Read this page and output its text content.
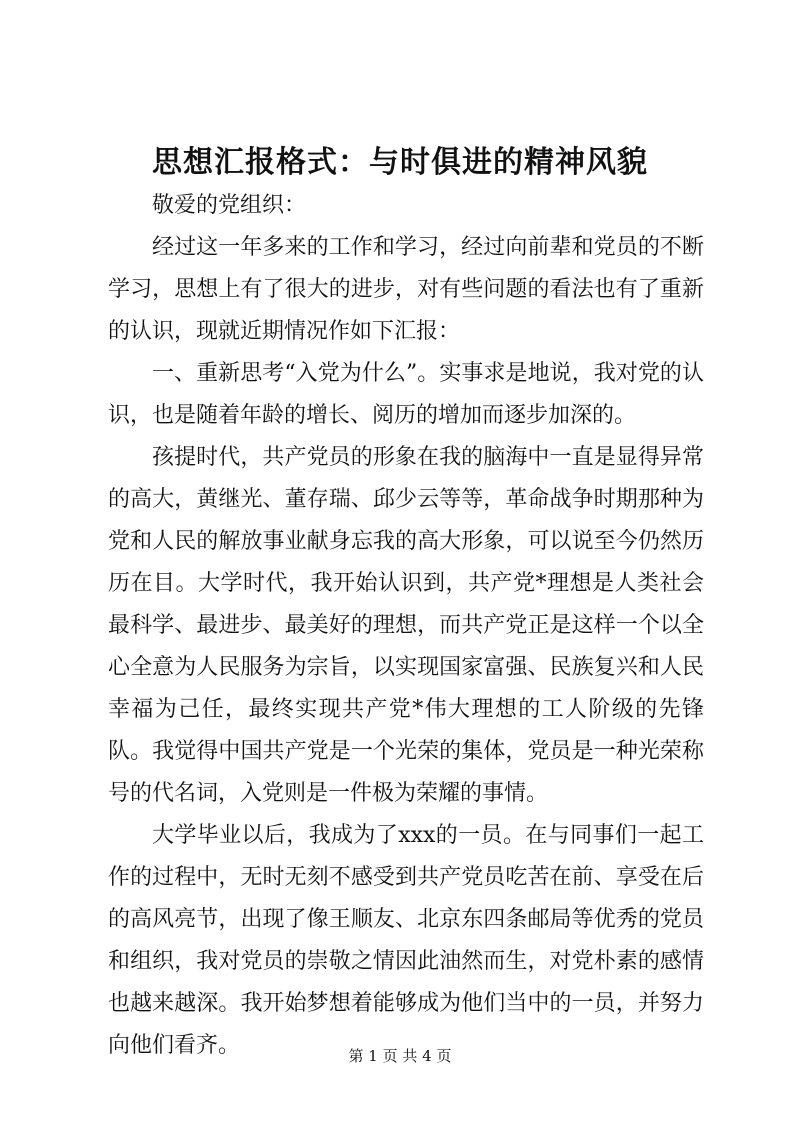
思想汇报格式：与时俱进的精神风貌

敬爱的党组织：

经过这一年多来的工作和学习，经过向前辈和党员的不断学习，思想上有了很大的进步，对有些问题的看法也有了重新的认识，现就近期情况作如下汇报：

一、重新思考“入党为什么”。实事求是地说，我对党的认识，也是随着年龄的增长、阅历的增加而逐步加深的。

孩提时代，共产党员的形象在我的脑海中一直是显得异常的高大，黄继光、董存瑞、邱少云等等，革命战争时期那种为党和人民的解放事业献身忘我的高大形象，可以说至今仍然历历在目。大学时代，我开始认识到，共产党*理想是人类社会最科学、最进步、最美好的理想，而共产党正是这样一个以全心全意为人民服务为宗旨，以实现国家富强、民族复兴和人民幸福为己任，最终实现共产党*伟大理想的工人阶级的先锋队。我觉得中国共产党是一个光荣的集体，党员是一种光荣称号的代名词，入党则是一件极为荣耀的事情。

大学毕业以后，我成为了xxx的一员。在与同事们一起工作的过程中，无时无刻不感受到共产党员吃苦在前、享受在后的高风亮节，出现了像王顺友、北京东四条邮局等优秀的党员和组织，我对党员的崇敬之情因此油然而生，对党朴素的感情也越来越深。我开始梦想着能够成为他们当中的一员，并努力向他们看齐。	第 1 页 共 4 页
